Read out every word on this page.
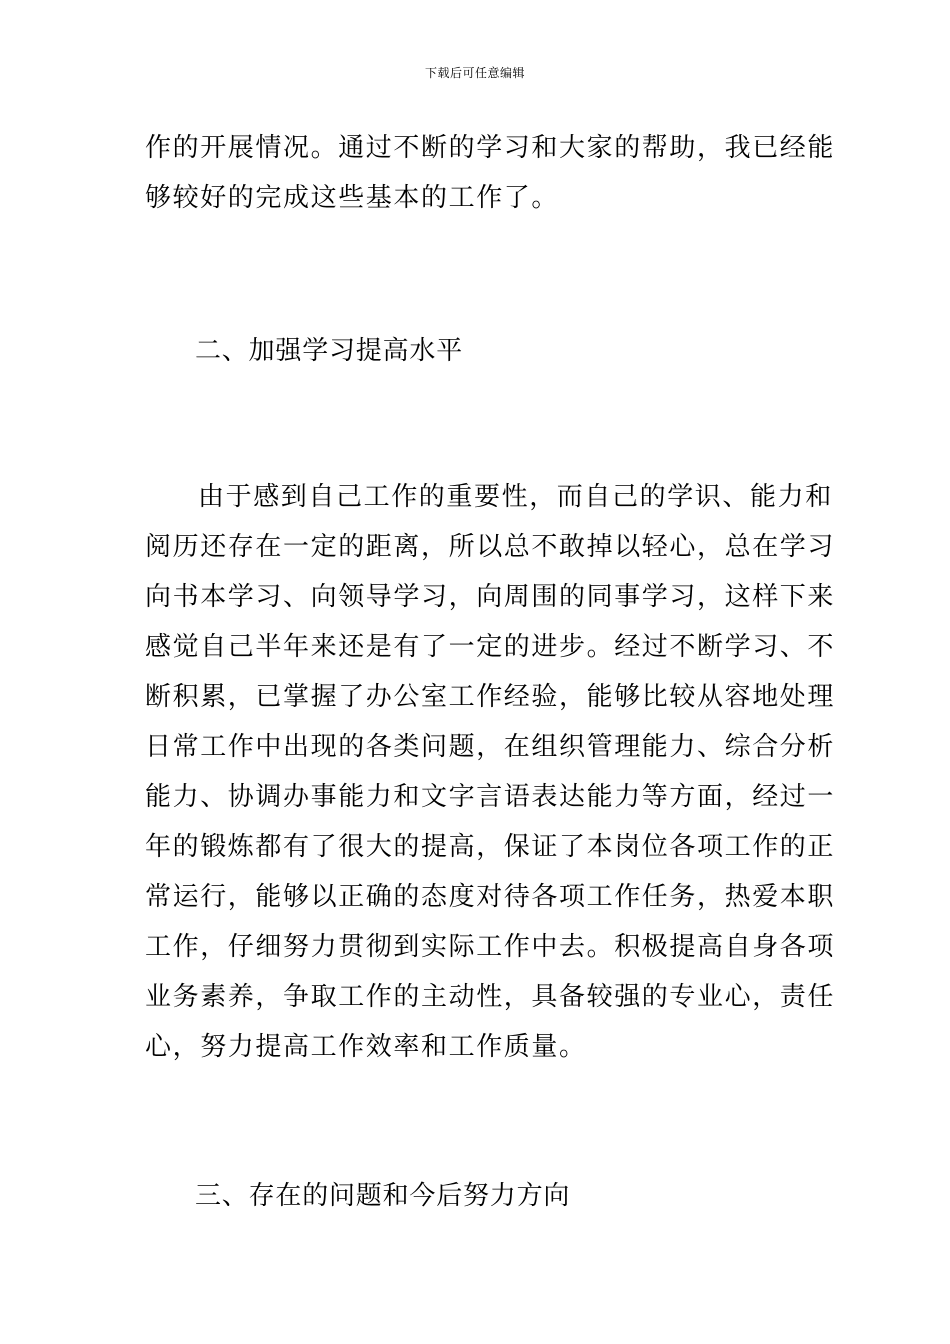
下载后可任意编辑
作的开展情况。通过不断的学习和大家的帮助，我已经能
够较好的完成这些基本的工作了。
二、加强学习提高水平
由于感到自己工作的重要性，而自己的学识、能力和
阅历还存在一定的距离，所以总不敢掉以轻心，总在学习
向书本学习、向领导学习，向周围的同事学习，这样下来
感觉自己半年来还是有了一定的进步。经过不断学习、不
断积累，已掌握了办公室工作经验，能够比较从容地处理
日常工作中出现的各类问题，在组织管理能力、综合分析
能力、协调办事能力和文字言语表达能力等方面，经过一
年的锻炼都有了很大的提高，保证了本岗位各项工作的正
常运行，能够以正确的态度对待各项工作任务，热爱本职
工作，仔细努力贯彻到实际工作中去。积极提高自身各项
业务素养，争取工作的主动性，具备较强的专业心，责任
心，努力提高工作效率和工作质量。
三、存在的问题和今后努力方向
